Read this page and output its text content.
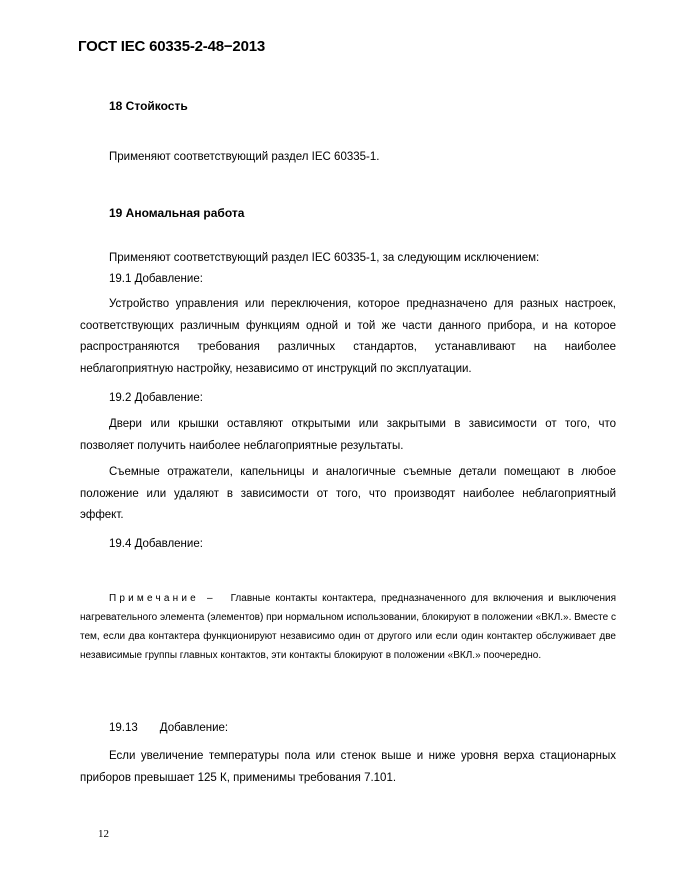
ГОСТ IEC 60335-2-48−2013
18 Стойкость
Применяют соответствующий раздел IEC 60335-1.
19 Аномальная работа
Применяют соответствующий раздел IEC 60335-1, за следующим исключением:
19.1 Добавление:

Устройство управления или переключения, которое предназначено для разных настроек, соответствующих различным функциям одной и той же части данного прибора, и на которое распространяются требования различных стандартов, устанавливают на наиболее неблагоприятную настройку, независимо от инструкций по эксплуатации.

19.2 Добавление:

Двери или крышки оставляют открытыми или закрытыми в зависимости от того, что позволяет получить наиболее неблагоприятные результаты.

Съемные отражатели, капельницы и аналогичные съемные детали помещают в любое положение или удаляют в зависимости от того, что производят наиболее неблагоприятный эффект.

19.4 Добавление:

Примечание – Главные контакты контактера, предназначенного для включения и выключения нагревательного элемента (элементов) при нормальном использовании, блокируют в положении «ВКЛ.». Вместе с тем, если два контактера функционируют независимо один от другого или если один контактер обслуживает две независимые группы главных контактов, эти контакты блокируют в положении «ВКЛ.» поочередно.

19.13 Добавление:

Если увеличение температуры пола или стенок выше и ниже уровня верха стационарных приборов превышает 125 К, применимы требования 7.101.

12
